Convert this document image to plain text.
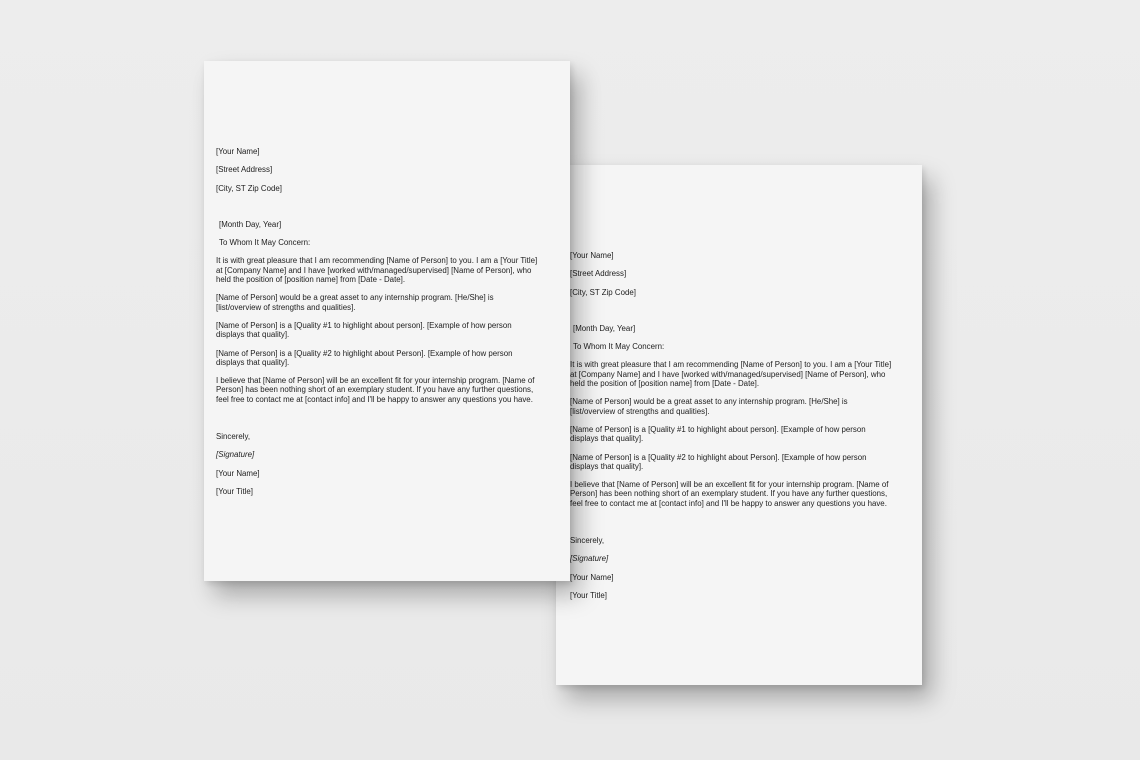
[Your Name]
[Street Address]
[City, ST Zip Code]
[Month Day, Year]
To Whom It May Concern:

It is with great pleasure that I am recommending [Name of Person] to you. I am a [Your Title]
at [Company Name] and I have [worked with/managed/supervised] [Name of Person], who
held the position of [position name] from [Date - Date].

[Name of Person] would be a great asset to any internship program. [He/She] is
[list/overview of strengths and qualities].

[Name of Person] is a [Quality #1 to highlight about person]. [Example of how person
displays that quality].

[Name of Person] is a [Quality #2 to highlight about Person]. [Example of how person
displays that quality].

I believe that [Name of Person] will be an excellent fit for your internship program. [Name of
Person] has been nothing short of an exemplary student. If you have any further questions,
feel free to contact me at [contact info] and I'll be happy to answer any questions you have.

Sincerely,
[Signature]
[Your Name]
[Your Title]
[Your Name]
[Street Address]
[City, ST Zip Code]
[Month Day, Year]
To Whom It May Concern:

It is with great pleasure that I am recommending [Name of Person] to you. I am a [Your Title]
at [Company Name] and I have [worked with/managed/supervised] [Name of Person], who
held the position of [position name] from [Date - Date].

[Name of Person] would be a great asset to any internship program. [He/She] is
[list/overview of strengths and qualities].

[Name of Person] is a [Quality #1 to highlight about person]. [Example of how person
displays that quality].

[Name of Person] is a [Quality #2 to highlight about Person]. [Example of how person
displays that quality].

I believe that [Name of Person] will be an excellent fit for your internship program. [Name of
Person] has been nothing short of an exemplary student. If you have any further questions,
feel free to contact me at [contact info] and I'll be happy to answer any questions you have.

Sincerely,
[Signature]
[Your Name]
[Your Title]
